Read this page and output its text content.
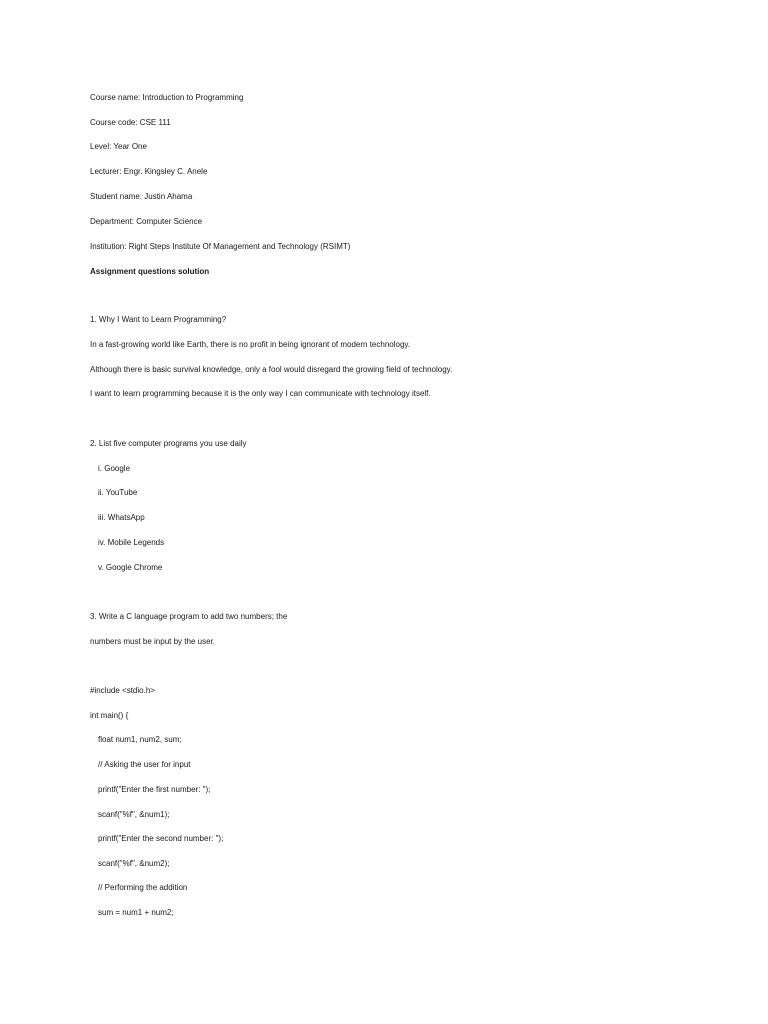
Course name: Introduction to Programming

Course code: CSE 111

Level: Year One

Lecturer: Engr. Kingsley C. Anele

Student name: Justin Ahama

Department: Computer Science

Institution: Right Steps Institute Of Management and Technology (RSIMT)

Assignment questions solution

1. Why I Want to Learn Programming?

In a fast-growing world like Earth, there is no profit in being ignorant of modern technology.

Although there is basic survival knowledge, only a fool would disregard the growing field of technology.

I want to learn programming because it is the only way I can communicate with technology itself.

2. List five computer programs you use daily

i. Google

ii. YouTube

iii. WhatsApp

iv. Mobile Legends

v. Google Chrome

3. Write a C language program to add two numbers; the

numbers must be input by the user.

#include <stdio.h>

int main() {

float num1, num2, sum;

// Asking the user for input

printf("Enter the first number: ");

scanf("%f", &num1);

printf("Enter the second number: ");

scanf("%f", &num2);

// Performing the addition

sum = num1 + num2;
